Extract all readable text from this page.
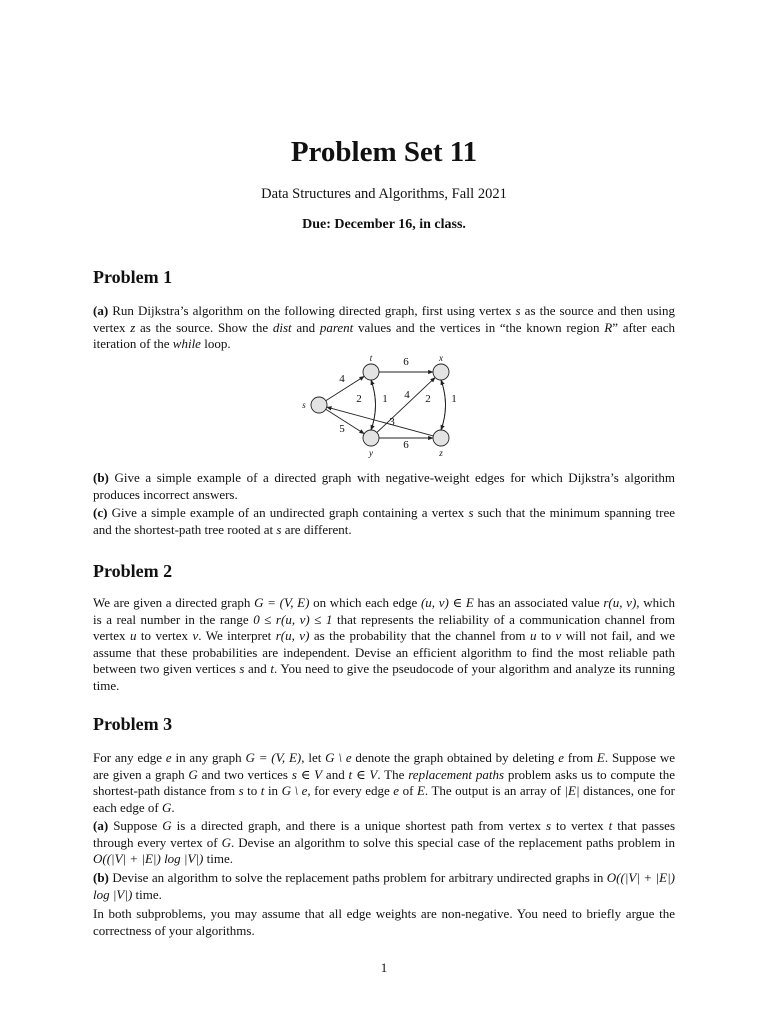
Problem Set 11
Data Structures and Algorithms, Fall 2021
Due: December 16, in class.
Problem 1

(a) Run Dijkstra’s algorithm on the following directed graph, first using vertex s as the source and then using vertex z as the source. Show the dist and parent values and the vertices in “the known region R” after each iteration of the while loop.

s
t	x
y	z
4
6
5
6
4
2 1	2 1
3

(b) Give a simple example of a directed graph with negative-weight edges for which Dijkstra’s algorithm produces incorrect answers.

(c) Give a simple example of an undirected graph containing a vertex s such that the minimum spanning tree and the shortest-path tree rooted at s are different.

Problem 2

We are given a directed graph G = (V, E) on which each edge (u, v) ∈ E has an associated value r(u, v), which is a real number in the range 0 ≤ r(u, v) ≤ 1 that represents the reliability of a communication channel from vertex u to vertex v. We interpret r(u, v) as the probability that the channel from u to v will not fail, and we assume that these probabilities are independent. Devise an efficient algorithm to find the most reliable path between two given vertices s and t. You need to give the pseudocode of your algorithm and analyze its running time.

Problem 3

For any edge e in any graph G = (V, E), let G \ e denote the graph obtained by deleting e from E. Suppose we are given a graph G and two vertices s ∈ V and t ∈ V. The replacement paths problem asks us to compute the shortest-path distance from s to t in G \ e, for every edge e of E. The output is an array of |E| distances, one for each edge of G.

(a) Suppose G is a directed graph, and there is a unique shortest path from vertex s to vertex t that passes through every vertex of G. Devise an algorithm to solve this special case of the replacement paths problem in O((|V| + |E|) log |V|) time.

(b) Devise an algorithm to solve the replacement paths problem for arbitrary undirected graphs in O((|V| + |E|) log |V|) time.

In both subproblems, you may assume that all edge weights are non-negative. You need to briefly argue the correctness of your algorithms.

1
